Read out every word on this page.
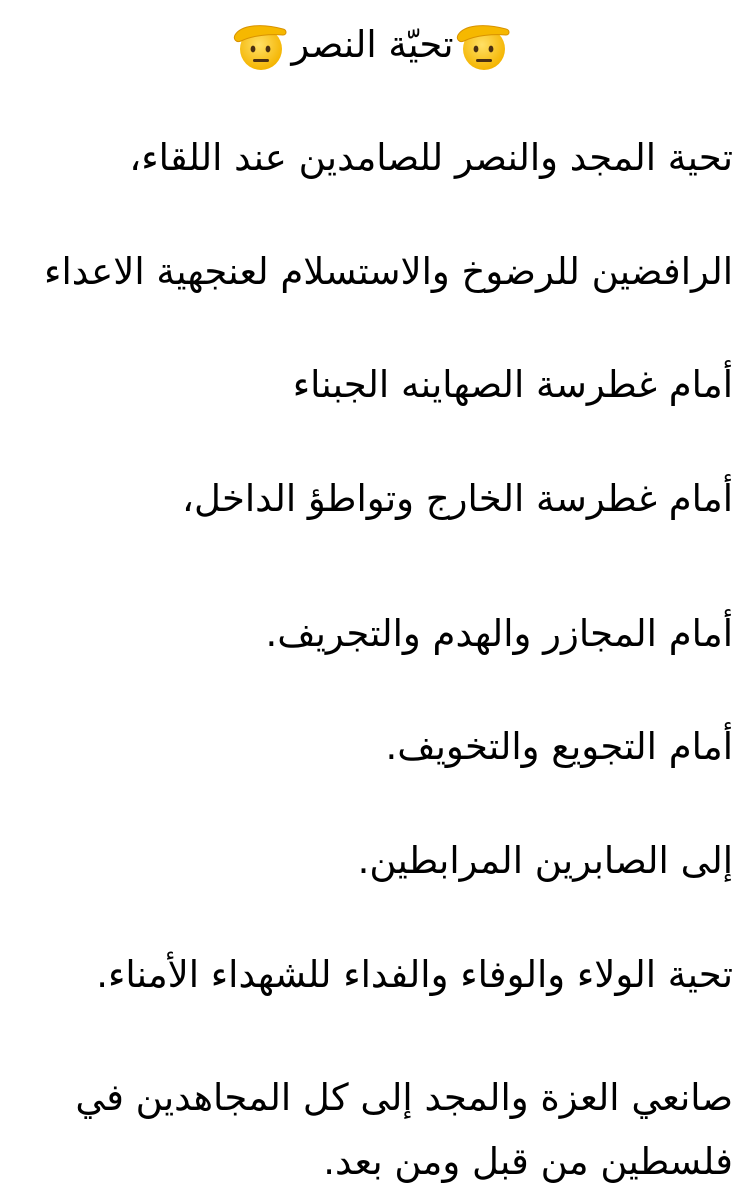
تحيّة النصر
تحية المجد والنصر للصامدين عند اللقاء،
الرافضين للرضوخ والاستسلام لعنجهية الاعداء
أمام غطرسة الصهاينه الجبناء
أمام غطرسة الخارج وتواطؤ الداخل،
أمام المجازر والهدم والتجريف.
أمام التجويع والتخويف.
إلى الصابرين المرابطين.
تحية الولاء والوفاء والفداء للشهداء الأمناء.
صانعي العزة والمجد إلى كل المجاهدين في فلسطين من قبل ومن بعد.
